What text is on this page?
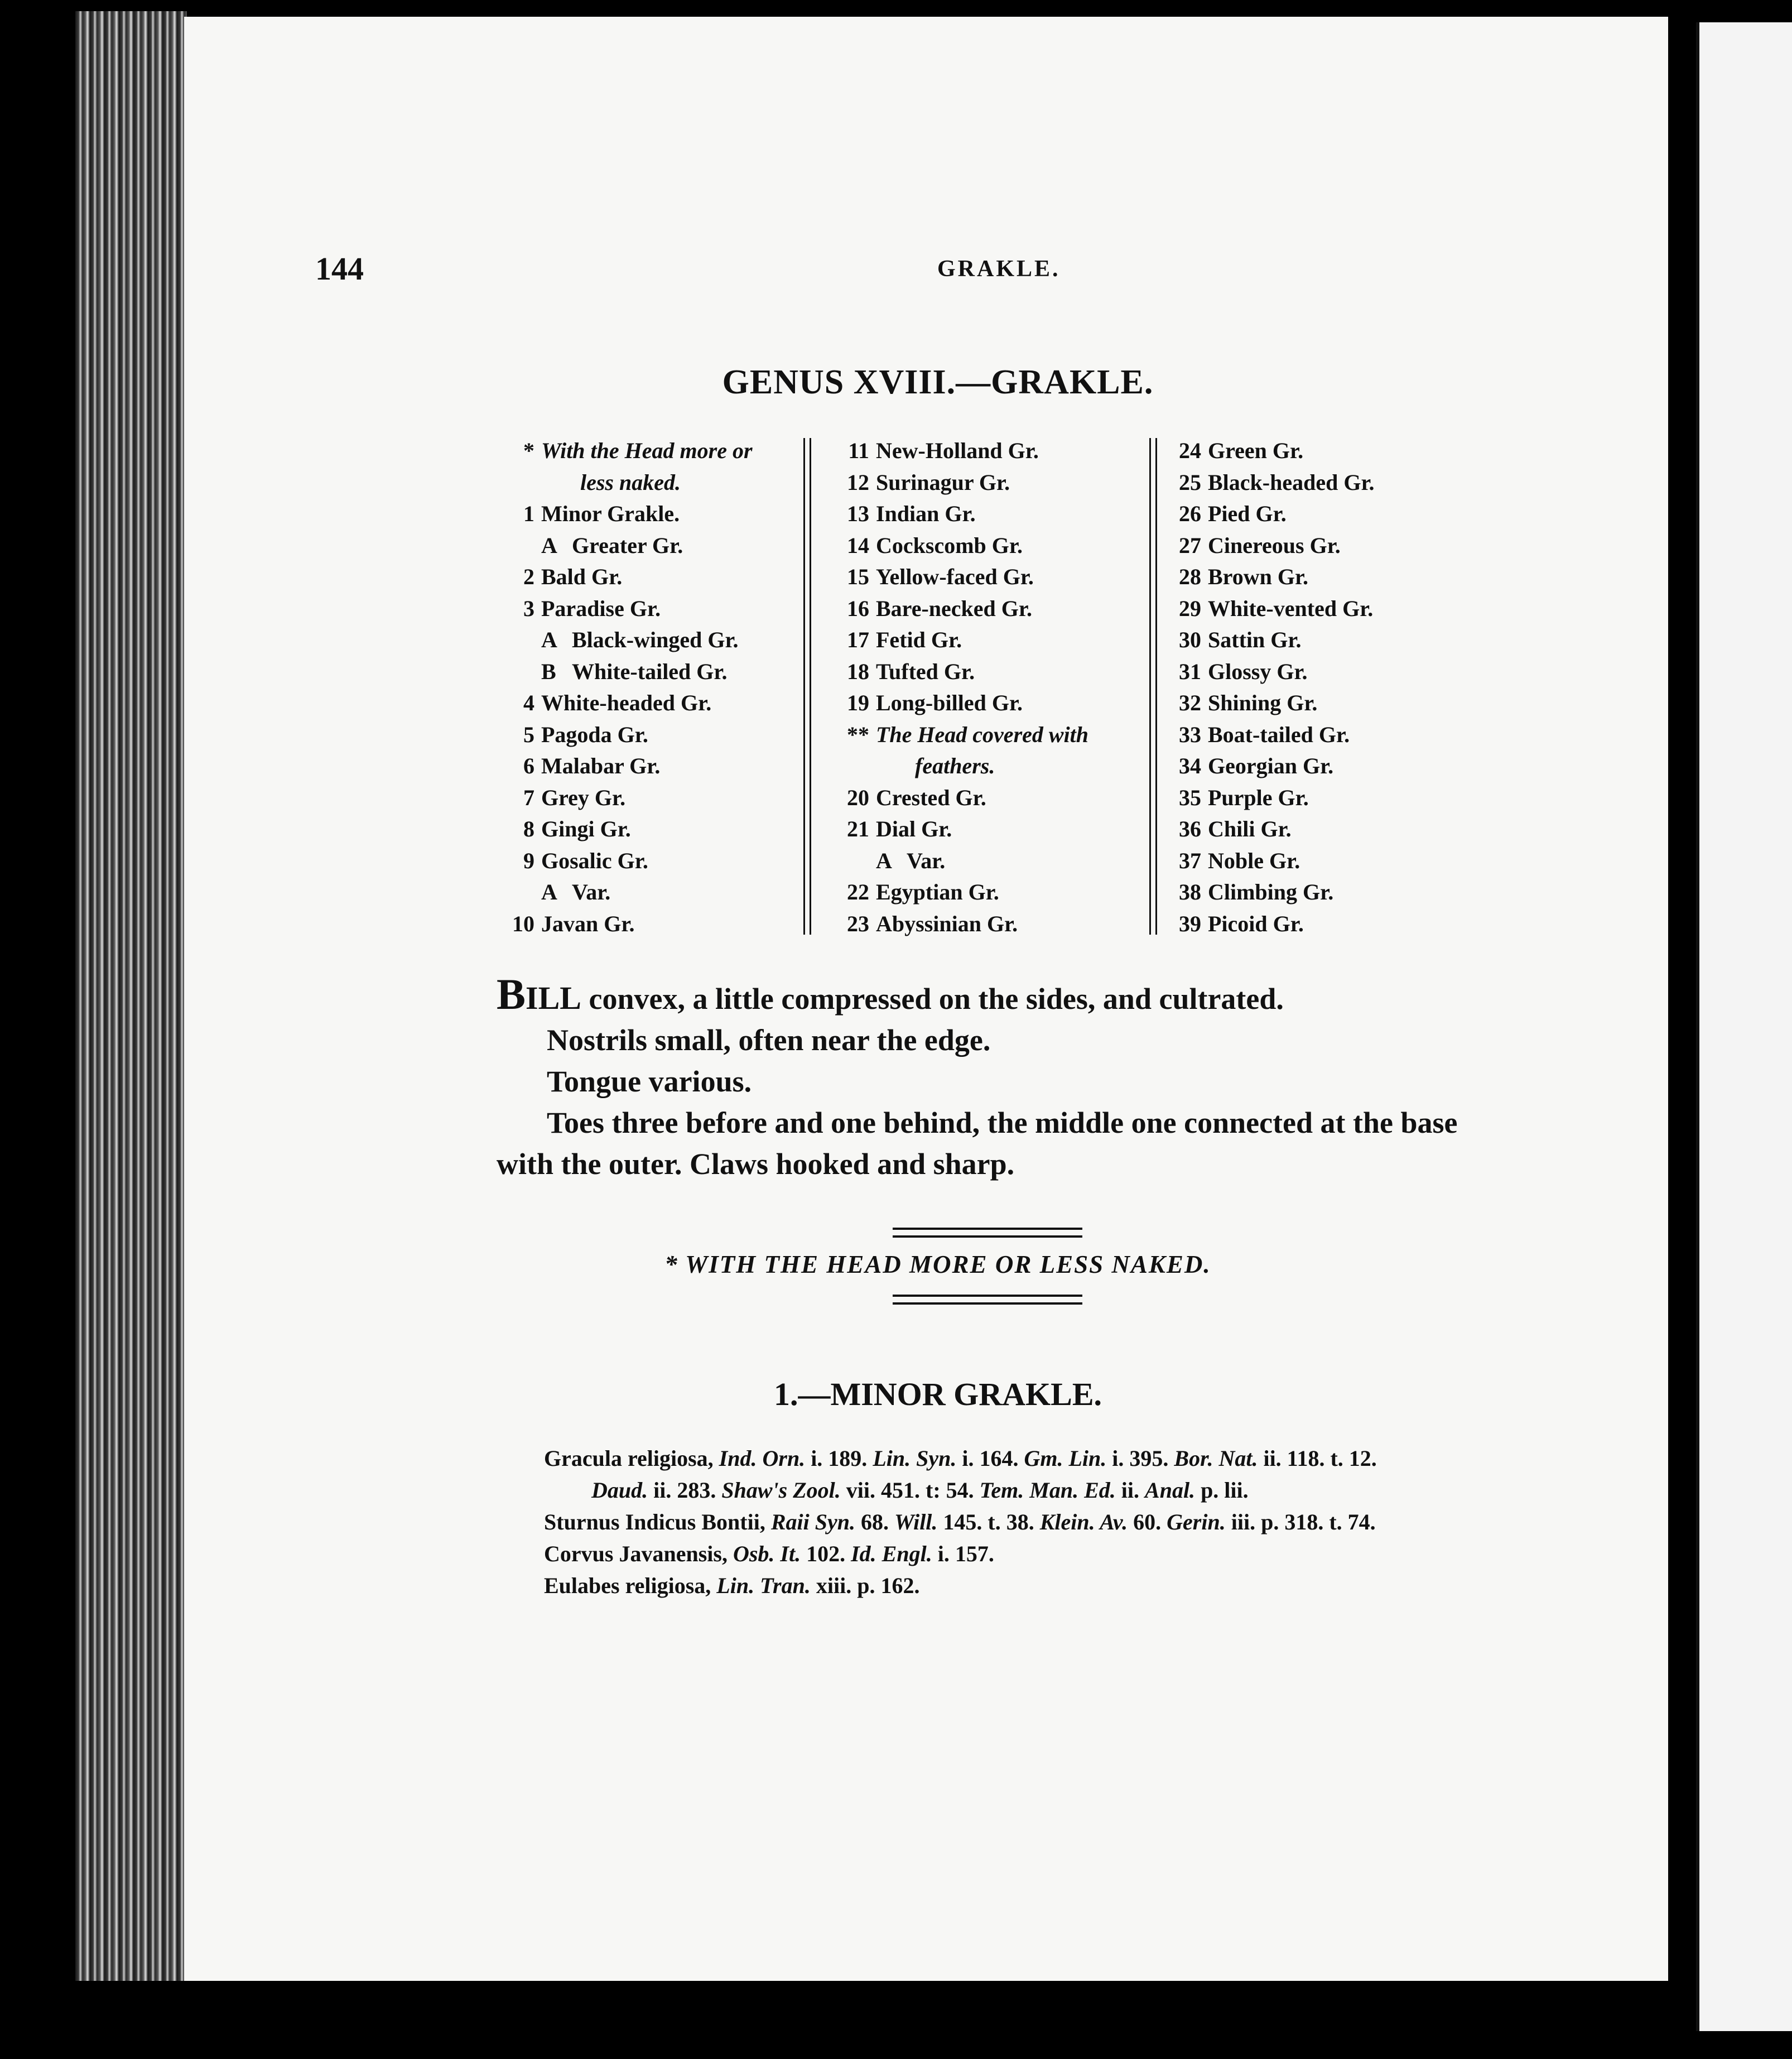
144	GRAKLE.
GENUS XVIII.—GRAKLE.
* With the Head more or
less naked.
1 Minor Grakle.
A Greater Gr.
2 Bald Gr.
3 Paradise Gr.
A Black-winged Gr.
B White-tailed Gr.
4 White-headed Gr.
5 Pagoda Gr.
6 Malabar Gr.
7 Grey Gr.
8 Gingi Gr.
9 Gosalic Gr.
A Var.
10 Javan Gr.
11 New-Holland Gr.
12 Surinagur Gr.
13 Indian Gr.
14 Cockscomb Gr.
15 Yellow-faced Gr.
16 Bare-necked Gr.
17 Fetid Gr.
18 Tufted Gr.
19 Long-billed Gr.
** The Head covered with
feathers.
20 Crested Gr.
21 Dial Gr.
A Var.
22 Egyptian Gr.
23 Abyssinian Gr.
24 Green Gr.
25 Black-headed Gr.
26 Pied Gr.
27 Cinereous Gr.
28 Brown Gr.
29 White-vented Gr.
30 Sattin Gr.
31 Glossy Gr.
32 Shining Gr.
33 Boat-tailed Gr.
34 Georgian Gr.
35 Purple Gr.
36 Chili Gr.
37 Noble Gr.
38 Climbing Gr.
39 Picoid Gr.

BILL convex, a little compressed on the sides, and cultrated.

Nostrils small, often near the edge.

Tongue various.

Toes three before and one behind, the middle one connected at the base with the outer. Claws hooked and sharp.

* WITH THE HEAD MORE OR LESS NAKED.
1.—MINOR GRAKLE.

Gracula religiosa, Ind. Orn. i. 189. Lin. Syn. i. 164. Gm. Lin. i. 395. Bor. Nat. ii. 118. t. 12. Daud. ii. 283. Shaw's Zool. vii. 451. t: 54. Tem. Man. Ed. ii. Anal. p. lii.

Sturnus Indicus Bontii, Raii Syn. 68. Will. 145. t. 38. Klein. Av. 60. Gerin. iii. p. 318. t. 74.

Corvus Javanensis, Osb. It. 102. Id. Engl. i. 157.

Eulabes religiosa, Lin. Tran. xiii. p. 162.
